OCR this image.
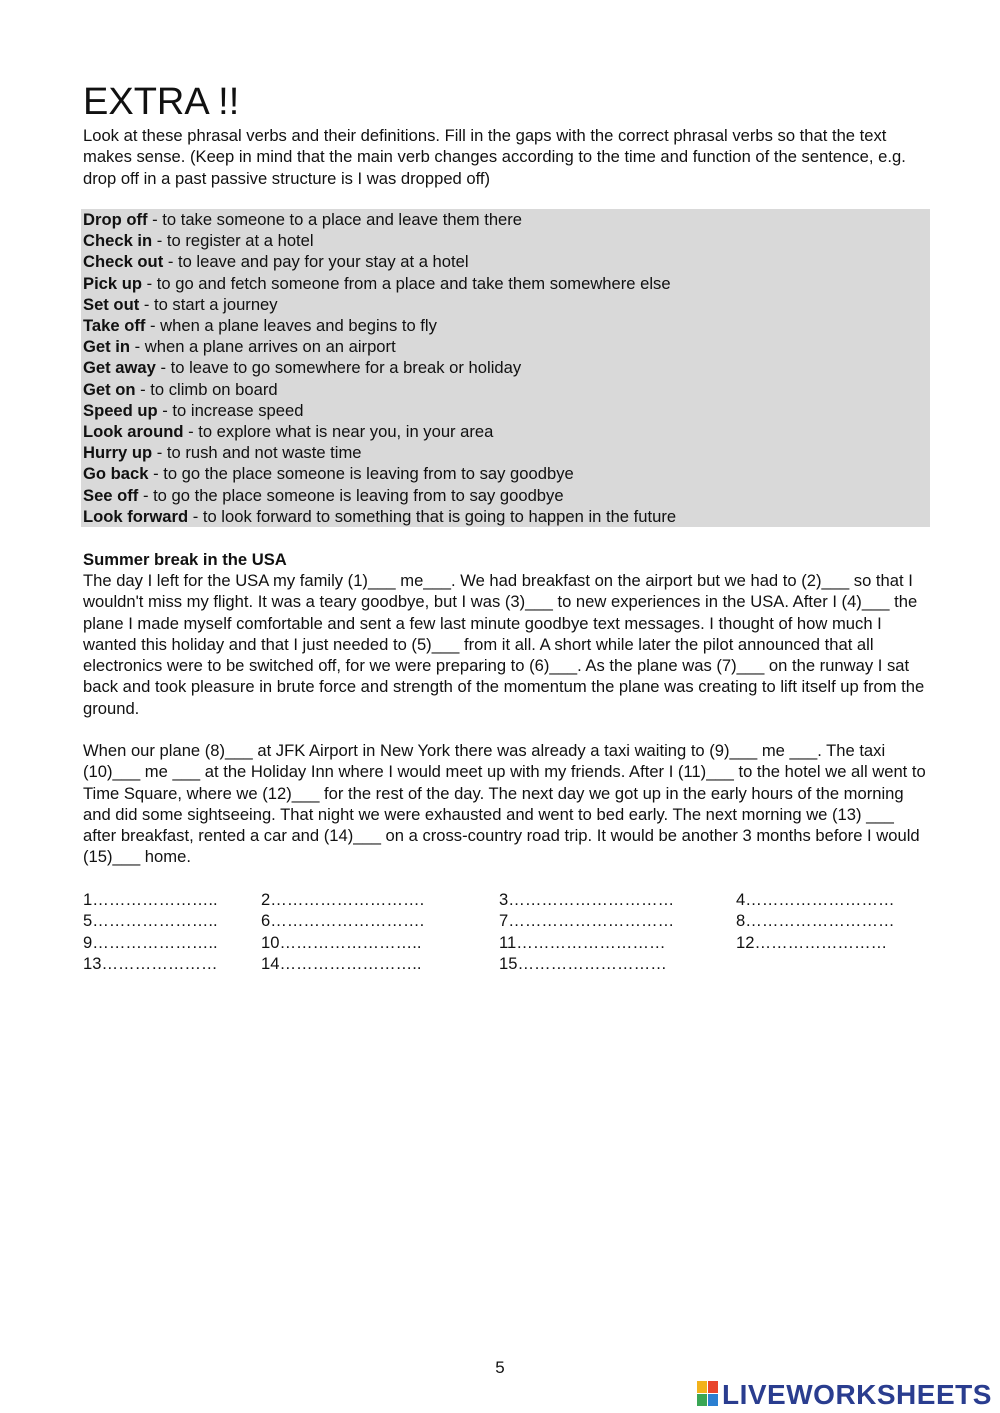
EXTRA !!

Look at these phrasal verbs and their definitions. Fill in the gaps with the correct phrasal verbs so that the text makes sense. (Keep in mind that the main verb changes according to the time and function of the sentence, e.g. drop off in a past passive structure is I was dropped off)

Drop off - to take someone to a place and leave them there
Check in - to register at a hotel
Check out - to leave and pay for your stay at a hotel
Pick up - to go and fetch someone from a place and take them somewhere else
Set out - to start a journey
Take off - when a plane leaves and begins to fly
Get in - when a plane arrives on an airport
Get away - to leave to go somewhere for a break or holiday
Get on - to climb on board
Speed up - to increase speed
Look around - to explore what is near you, in your area
Hurry up - to rush and not waste time
Go back - to go the place someone is leaving from to say goodbye
See off - to go the place someone is leaving from to say goodbye
Look forward - to look forward to something that is going to happen in the future
Summer break in the USA

The day I left for the USA my family (1)___ me___. We had breakfast on the airport but we had to (2)___ so that I wouldn't miss my flight. It was a teary goodbye, but I was (3)___ to new experiences in the USA. After I (4)___ the plane I made myself comfortable and sent a few last minute goodbye text messages. I thought of how much I wanted this holiday and that I just needed to (5)___ from it all. A short while later the pilot announced that all electronics were to be switched off, for we were preparing to (6)___. As the plane was (7)___ on the runway I sat back and took pleasure in brute force and strength of the momentum the plane was creating to lift itself up from the ground.

When our plane (8)___ at JFK Airport in New York there was already a taxi waiting to (9)___ me ___. The taxi (10)___ me ___ at the Holiday Inn where I would meet up with my friends. After I (11)___ to the hotel we all went to Time Square, where we (12)___ for the rest of the day. The next day we got up in the early hours of the morning and did some sightseeing. That night we were exhausted and went to bed early. The next morning we (13) ___ after breakfast, rented a car and (14)___ on a cross-country road trip. It would be another 3 months before I would (15)___ home.

1…………………..	2……………………….	3…………………………	4………………………
5…………………..	6……………………….	7…………………………	8………………………
9…………………..	10……………………..	11………………………	12……………………
13…………………	14……………………..	15………………………
5
LIVEWORKSHEETS
